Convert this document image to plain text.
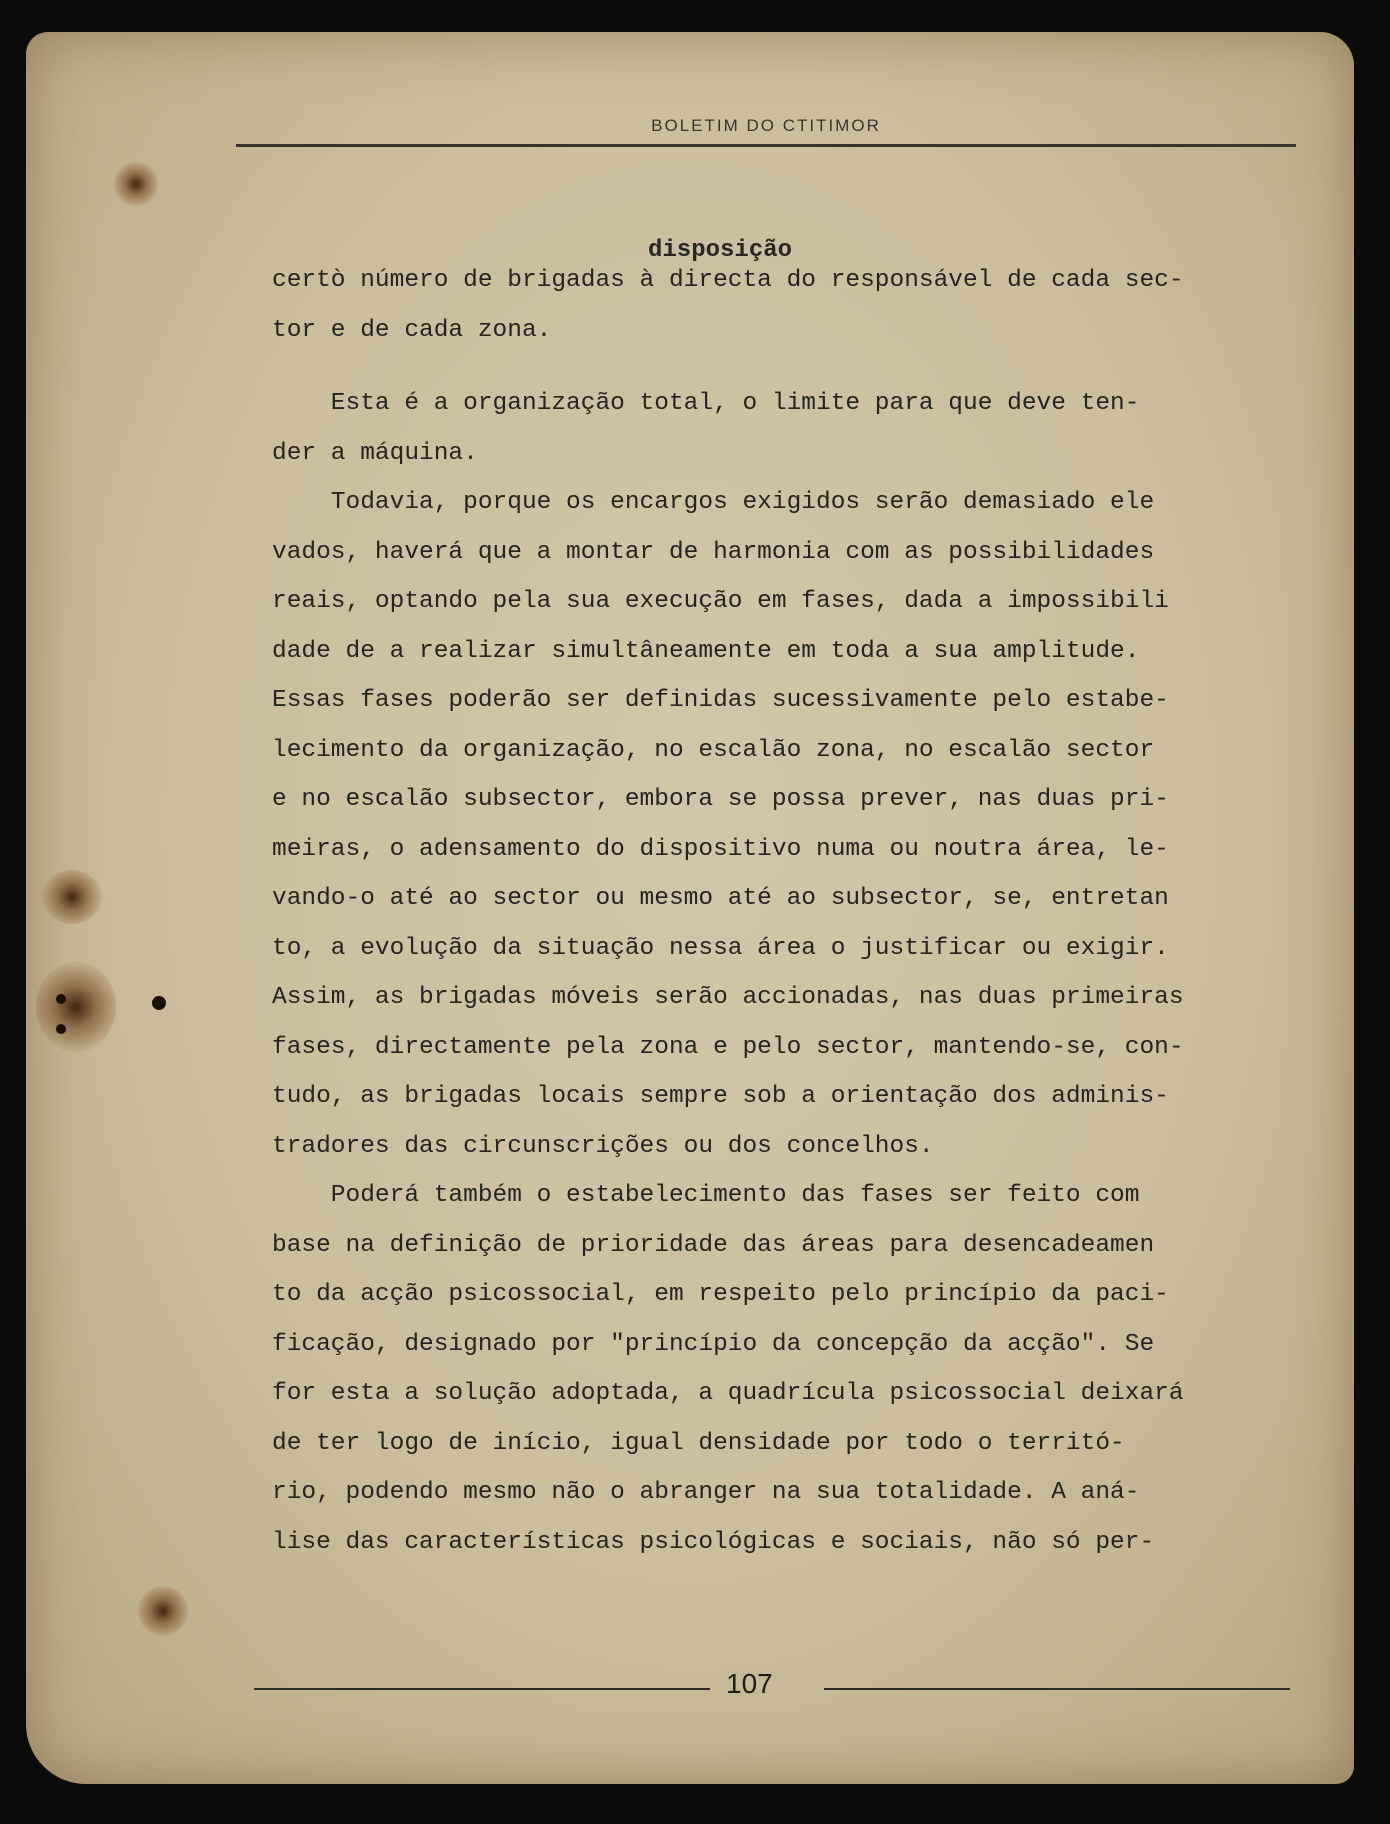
BOLETIM DO CTITIMOR
disposição
certò número de brigadas à directa do responsável de cada sec-
tor e de cada zona.
Esta é a organização total, o limite para que deve ten-
der a máquina.
Todavia, porque os encargos exigidos serão demasiado ele
vados, haverá que a montar de harmonia com as possibilidades
reais, optando pela sua execução em fases, dada a impossibili
dade de a realizar simultâneamente em toda a sua amplitude.
Essas fases poderão ser definidas sucessivamente pelo estabe-
lecimento da organização, no escalão zona, no escalão sector
e no escalão subsector, embora se possa prever, nas duas pri-
meiras, o adensamento do dispositivo numa ou noutra área, le-
vando-o até ao sector ou mesmo até ao subsector, se, entretan
to, a evolução da situação nessa área o justificar ou exigir.
Assim, as brigadas móveis serão accionadas, nas duas primeiras
fases, directamente pela zona e pelo sector, mantendo-se, con-
tudo, as brigadas locais sempre sob a orientação dos adminis-
tradores das circunscrições ou dos concelhos.
Poderá também o estabelecimento das fases ser feito com
base na definição de prioridade das áreas para desencadeamen
to da acção psicossocial, em respeito pelo princípio da paci-
ficação, designado por "princípio da concepção da acção". Se
for esta a solução adoptada, a quadrícula psicossocial deixará
de ter logo de início, igual densidade por todo o territó-
rio, podendo mesmo não o abranger na sua totalidade. A aná-
lise das características psicológicas e sociais, não só per-
107
